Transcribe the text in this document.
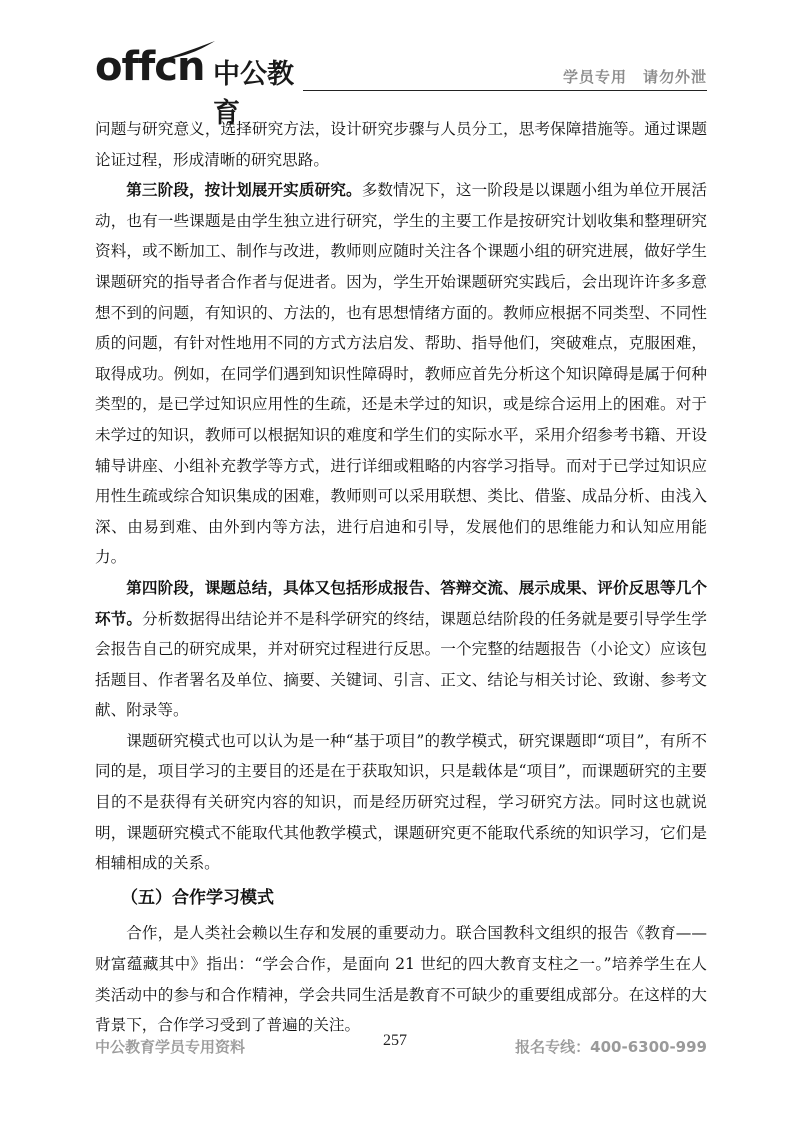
offcn 中公教育
学员专用　请勿外泄

问题与研究意义，选择研究方法，设计研究步骤与人员分工，思考保障措施等。通过课题论证过程，形成清晰的研究思路。

第三阶段，按计划展开实质研究。多数情况下，这一阶段是以课题小组为单位开展活动，也有一些课题是由学生独立进行研究，学生的主要工作是按研究计划收集和整理研究资料，或不断加工、制作与改进，教师则应随时关注各个课题小组的研究进展，做好学生课题研究的指导者合作者与促进者。因为，学生开始课题研究实践后，会出现许许多多意想不到的问题，有知识的、方法的，也有思想情绪方面的。教师应根据不同类型、不同性质的问题，有针对性地用不同的方式方法启发、帮助、指导他们，突破难点，克服困难，取得成功。例如，在同学们遇到知识性障碍时，教师应首先分析这个知识障碍是属于何种类型的，是已学过知识应用性的生疏，还是未学过的知识，或是综合运用上的困难。对于未学过的知识，教师可以根据知识的难度和学生们的实际水平，采用介绍参考书籍、开设辅导讲座、小组补充教学等方式，进行详细或粗略的内容学习指导。而对于已学过知识应用性生疏或综合知识集成的困难，教师则可以采用联想、类比、借鉴、成品分析、由浅入深、由易到难、由外到内等方法，进行启迪和引导，发展他们的思维能力和认知应用能力。

第四阶段，课题总结，具体又包括形成报告、答辩交流、展示成果、评价反思等几个环节。分析数据得出结论并不是科学研究的终结，课题总结阶段的任务就是要引导学生学会报告自己的研究成果，并对研究过程进行反思。一个完整的结题报告（小论文）应该包括题目、作者署名及单位、摘要、关键词、引言、正文、结论与相关讨论、致谢、参考文献、附录等。

课题研究模式也可以认为是一种“基于项目”的教学模式，研究课题即“项目”，有所不同的是，项目学习的主要目的还是在于获取知识，只是载体是“项目”，而课题研究的主要目的不是获得有关研究内容的知识，而是经历研究过程，学习研究方法。同时这也就说明，课题研究模式不能取代其他教学模式，课题研究更不能取代系统的知识学习，它们是相辅相成的关系。

（五）合作学习模式

合作，是人类社会赖以生存和发展的重要动力。联合国教科文组织的报告《教育——财富蕴藏其中》指出：“学会合作，是面向 21 世纪的四大教育支柱之一。”培养学生在人类活动中的参与和合作精神，学会共同生活是教育不可缺少的重要组成部分。在这样的大背景下，合作学习受到了普遍的关注。

中公教育学员专用资料	257	报名专线：400-6300-999
